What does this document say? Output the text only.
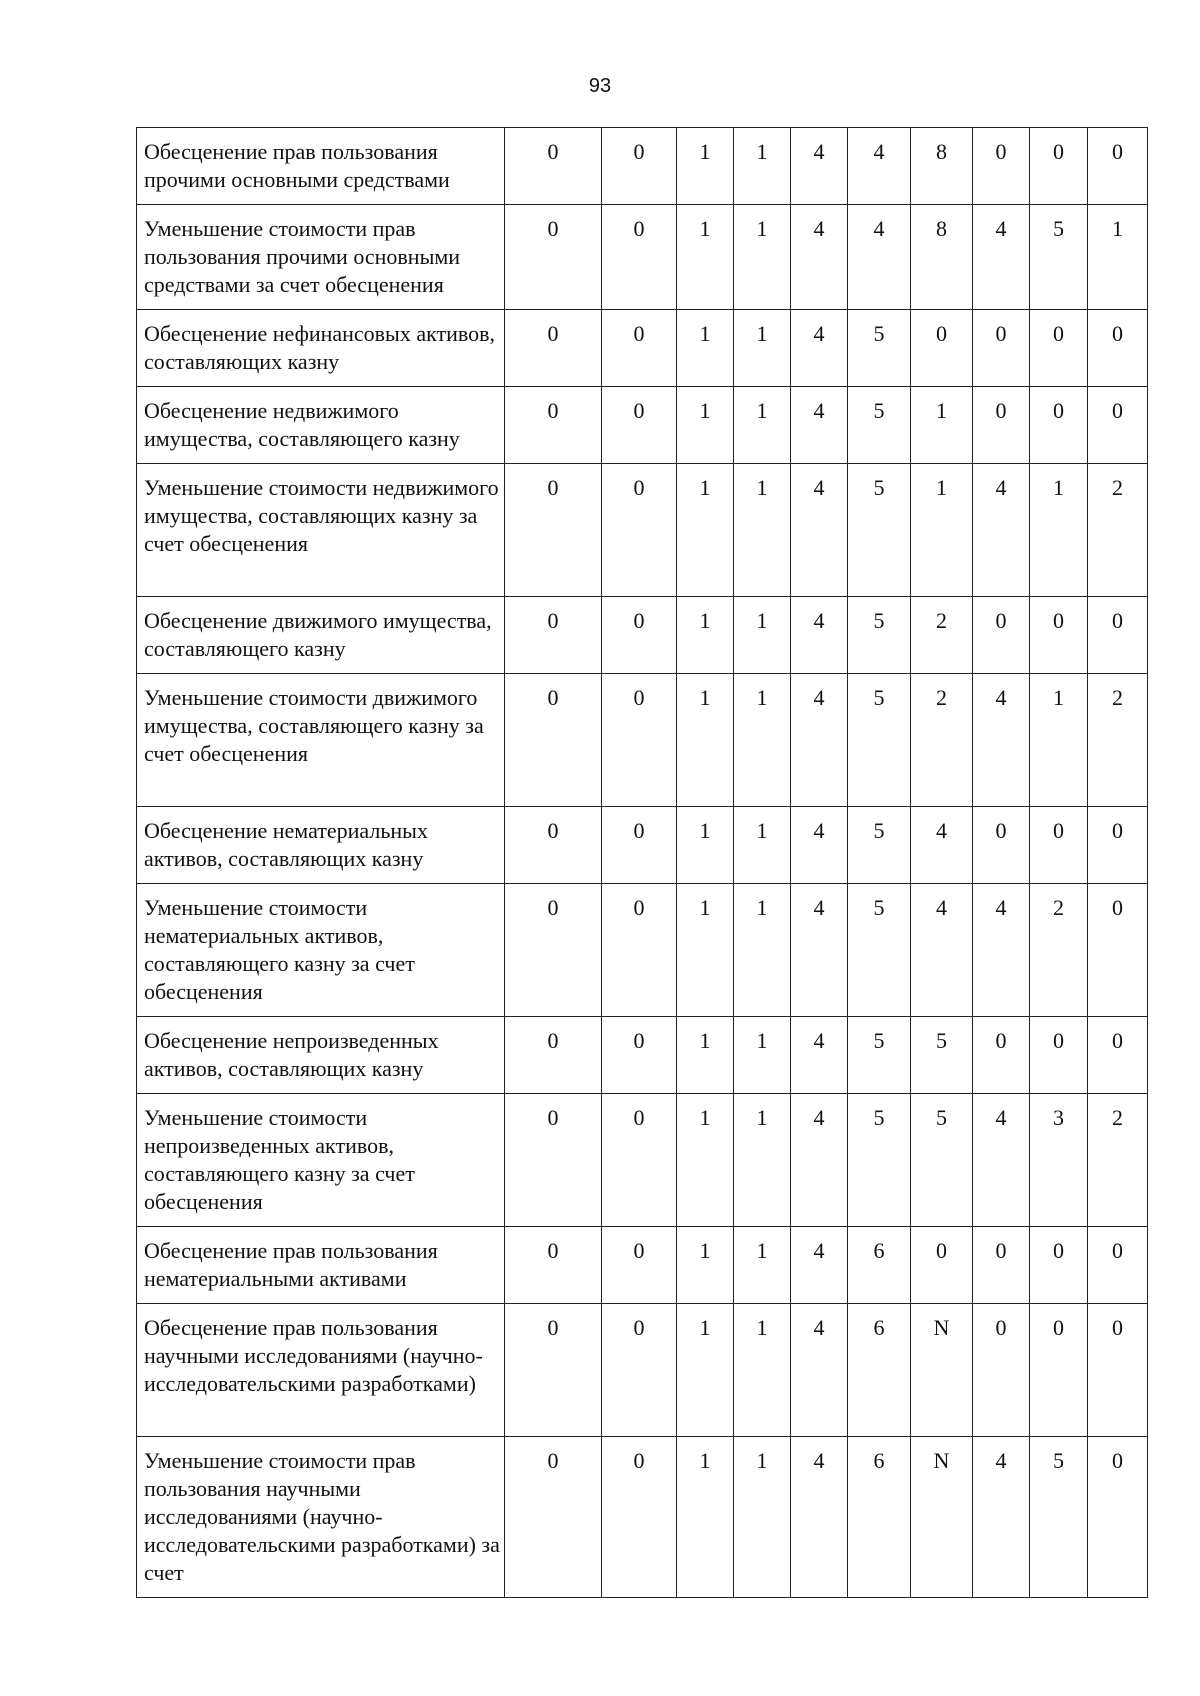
93
Обесценение прав пользования прочими основными средствами	0	0	1	1	4	4	8	0	0	0
Уменьшение стоимости прав пользования прочими основными средствами за счет обесценения	0	0	1	1	4	4	8	4	5	1
Обесценение нефинансовых активов, составляющих казну	0	0	1	1	4	5	0	0	0	0
Обесценение недвижимого имущества, составляющего казну	0	0	1	1	4	5	1	0	0	0
Уменьшение стоимости недвижимого имущества, составляющих казну за счет обесценения	0	0	1	1	4	5	1	4	1	2
Обесценение движимого имущества, составляющего казну	0	0	1	1	4	5	2	0	0	0
Уменьшение стоимости движимого имущества, составляющего казну за счет обесценения	0	0	1	1	4	5	2	4	1	2
Обесценение нематериальных активов, составляющих казну	0	0	1	1	4	5	4	0	0	0
Уменьшение стоимости нематериальных активов, составляющего казну за счет обесценения	0	0	1	1	4	5	4	4	2	0
Обесценение непроизведенных активов, составляющих казну	0	0	1	1	4	5	5	0	0	0
Уменьшение стоимости непроизведенных активов, составляющего казну за счет обесценения	0	0	1	1	4	5	5	4	3	2
Обесценение прав пользования нематериальными активами	0	0	1	1	4	6	0	0	0	0
Обесценение прав пользования научными исследованиями (научно-исследовательскими разработками)	0	0	1	1	4	6	N	0	0	0
Уменьшение стоимости прав пользования научными исследованиями (научно-исследовательскими разработками) за счет	0	0	1	1	4	6	N	4	5	0
